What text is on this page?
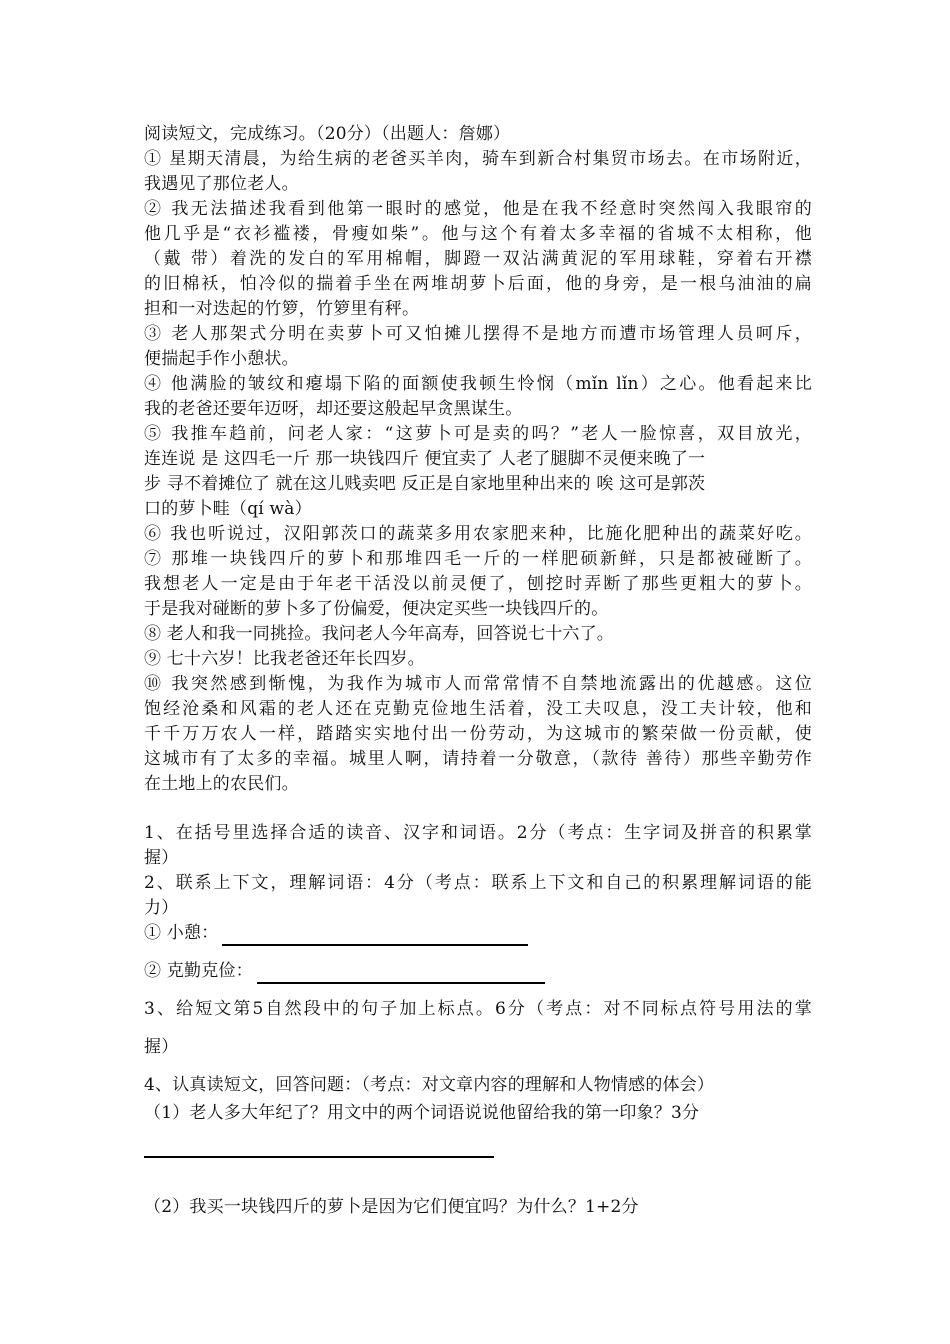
阅读短文，完成练习。（20分）（出题人：詹娜）
① 星期天清晨，为给生病的老爸买羊肉，骑车到新合村集贸市场去。在市场附近，
我遇见了那位老人。
② 我无法描述我看到他第一眼时的感觉，他是在我不经意时突然闯入我眼帘的
他几乎是“衣衫褴褛，骨瘦如柴”。他与这个有着太多幸福的省城不太相称，他
（戴 带）着洗的发白的军用棉帽，脚蹬一双沾满黄泥的军用球鞋，穿着右开襟
的旧棉袄，怕冷似的揣着手坐在两堆胡萝卜后面，他的身旁，是一根乌油油的扁
担和一对迭起的竹箩，竹箩里有秤。
③ 老人那架式分明在卖萝卜可又怕摊儿摆得不是地方而遭市场管理人员呵斥，
便揣起手作小憩状。
④ 他满脸的皱纹和瘪塌下陷的面额使我顿生怜悯（mǐn lǐn）之心。他看起来比
我的老爸还要年迈呀，却还要这般起早贪黑谋生。
⑤ 我推车趋前，问老人家：“这萝卜可是卖的吗？”老人一脸惊喜，双目放光，
连连说 是 这四毛一斤 那一块钱四斤 便宜卖了 人老了腿脚不灵便来晚了一
步 寻不着摊位了 就在这儿贱卖吧 反正是自家地里种出来的 唉 这可是郭茨
口的萝卜畦（qí wà）
⑥ 我也听说过，汉阳郭茨口的蔬菜多用农家肥来种，比施化肥种出的蔬菜好吃。
⑦ 那堆一块钱四斤的萝卜和那堆四毛一斤的一样肥硕新鲜，只是都被碰断了。
我想老人一定是由于年老干活没以前灵便了，刨挖时弄断了那些更粗大的萝卜。
于是我对碰断的萝卜多了份偏爱，便决定买些一块钱四斤的。
⑧ 老人和我一同挑捡。我问老人今年高寿，回答说七十六了。
⑨ 七十六岁！比我老爸还年长四岁。
⑩ 我突然感到惭愧，为我作为城市人而常常情不自禁地流露出的优越感。这位
饱经沧桑和风霜的老人还在克勤克俭地生活着，没工夫叹息，没工夫计较，他和
千千万万农人一样，踏踏实实地付出一份劳动，为这城市的繁荣做一份贡献，使
这城市有了太多的幸福。城里人啊，请持着一分敬意，（款待 善待）那些辛勤劳作
在土地上的农民们。
1、在括号里选择合适的读音、汉字和词语。2分（考点：生字词及拼音的积累掌
握）
2、联系上下文，理解词语：4分（考点：联系上下文和自己的积累理解词语的能
力）
① 小憩：
② 克勤克俭：
3、给短文第5自然段中的句子加上标点。6分（考点：对不同标点符号用法的掌
握）
4、认真读短文，回答问题：（考点：对文章内容的理解和人物情感的体会）
（1）老人多大年纪了？用文中的两个词语说说他留给我的第一印象？3分
（2）我买一块钱四斤的萝卜是因为它们便宜吗？为什么？1+2分
